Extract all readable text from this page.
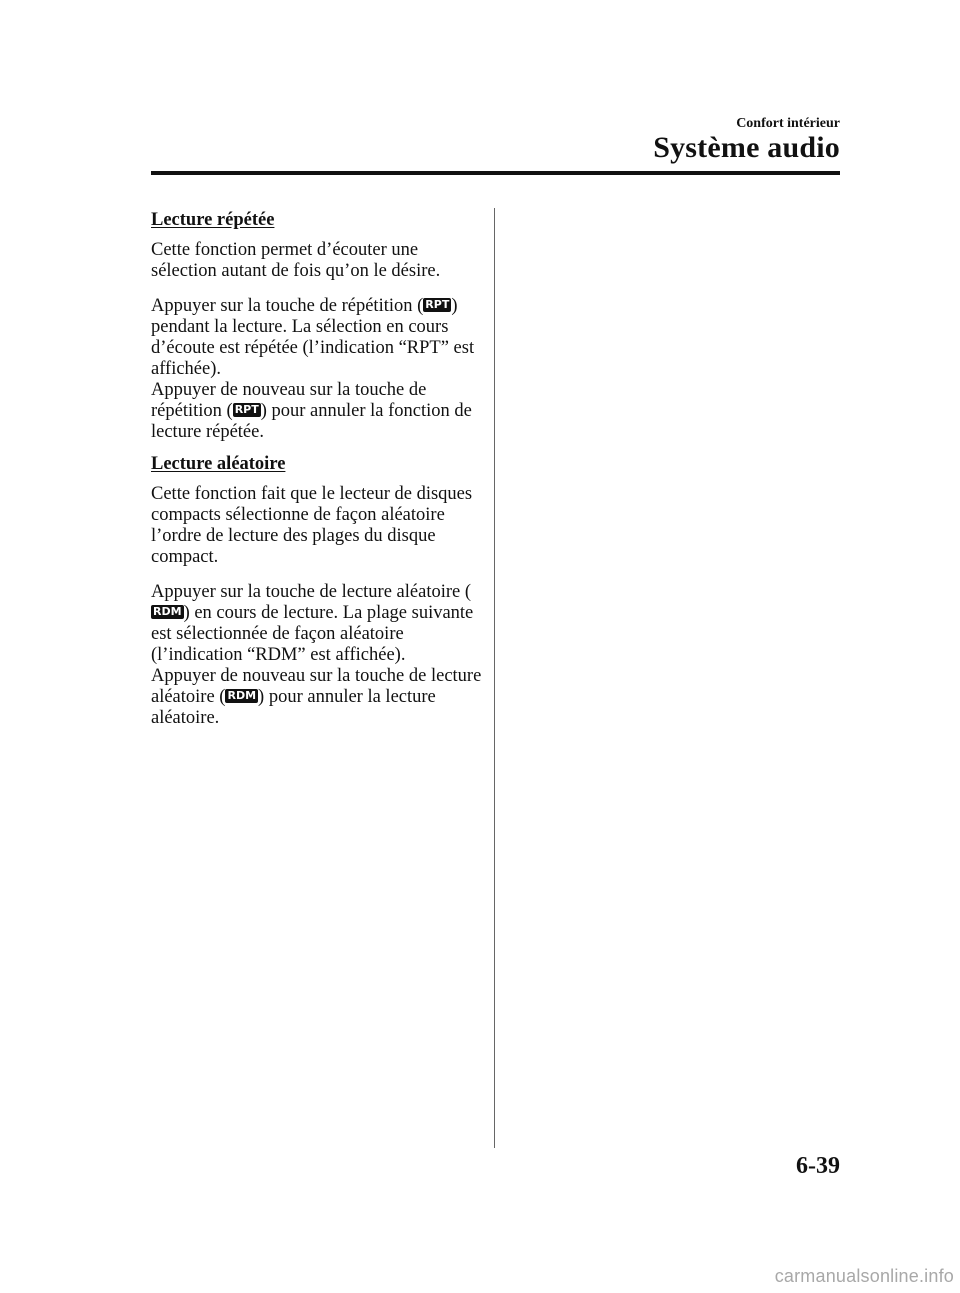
Confort intérieur
Système audio

Lecture répétée

Cette fonction permet d’écouter une sélection autant de fois qu’on le désire.

Appuyer sur la touche de répétition ( RPT ) pendant la lecture. La sélection en cours d’écoute est répétée (l’indication “RPT” est affichée).

Appuyer de nouveau sur la touche de répétition ( RPT ) pour annuler la fonction de lecture répétée.

Lecture aléatoire

Cette fonction fait que le lecteur de disques compacts sélectionne de façon aléatoire l’ordre de lecture des plages du disque compact.

Appuyer sur la touche de lecture aléatoire (RDM ) en cours de lecture. La plage suivante est sélectionnée de façon aléatoire (l’indication “RDM” est affichée).

Appuyer de nouveau sur la touche de lecture aléatoire ( RDM ) pour annuler la lecture aléatoire.

6-39
carmanualsonline.info
